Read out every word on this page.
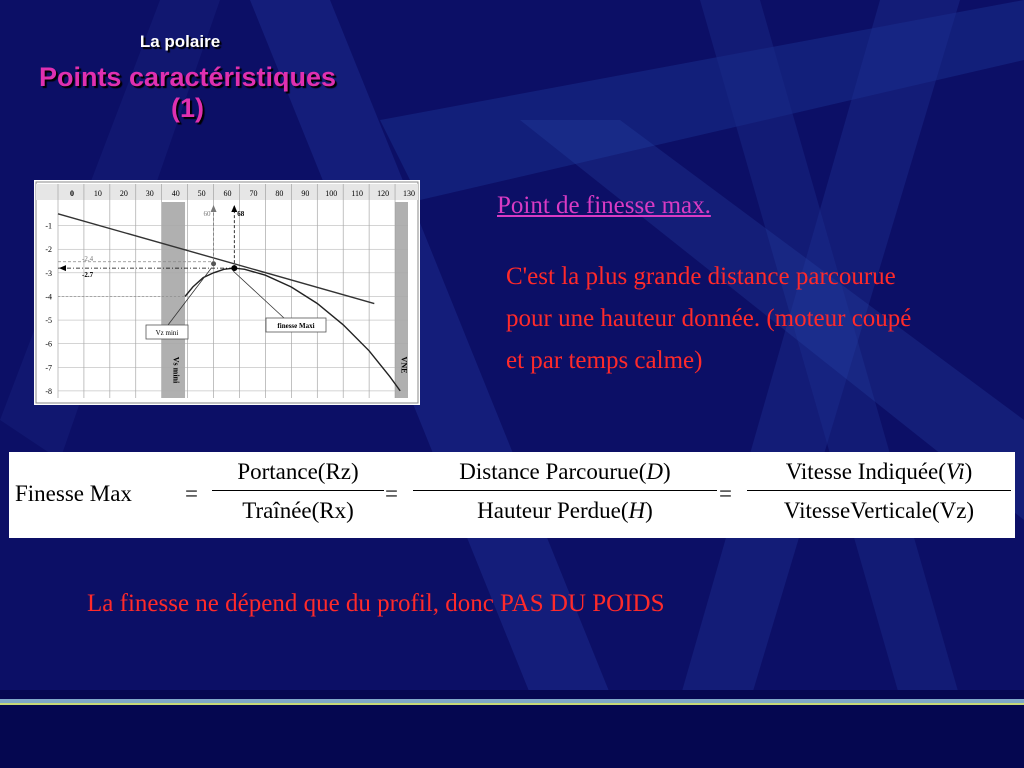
La polaire
Points caractéristiques (1)
0 10 20 30 40 50 60 70 80 90 100 110 120 130
-1
-2
-3
-4
-5
-6
-7
-8
Vs mini	VNE
68
60
-2.4
-2.7
Vz mini
finesse Maxi
Point de finesse max.
C'est la plus grande distance parcourue pour une hauteur donnée. (moteur coupé et par temps calme)
Finesse Max =
Portance(Rz)
Traînée(Rx)
=
Distance Parcourue(D)
Hauteur Perdue(H)
=
Vitesse Indiquée(Vi)
VitesseVerticale(Vz)
La finesse ne dépend que du profil, donc PAS DU POIDS
